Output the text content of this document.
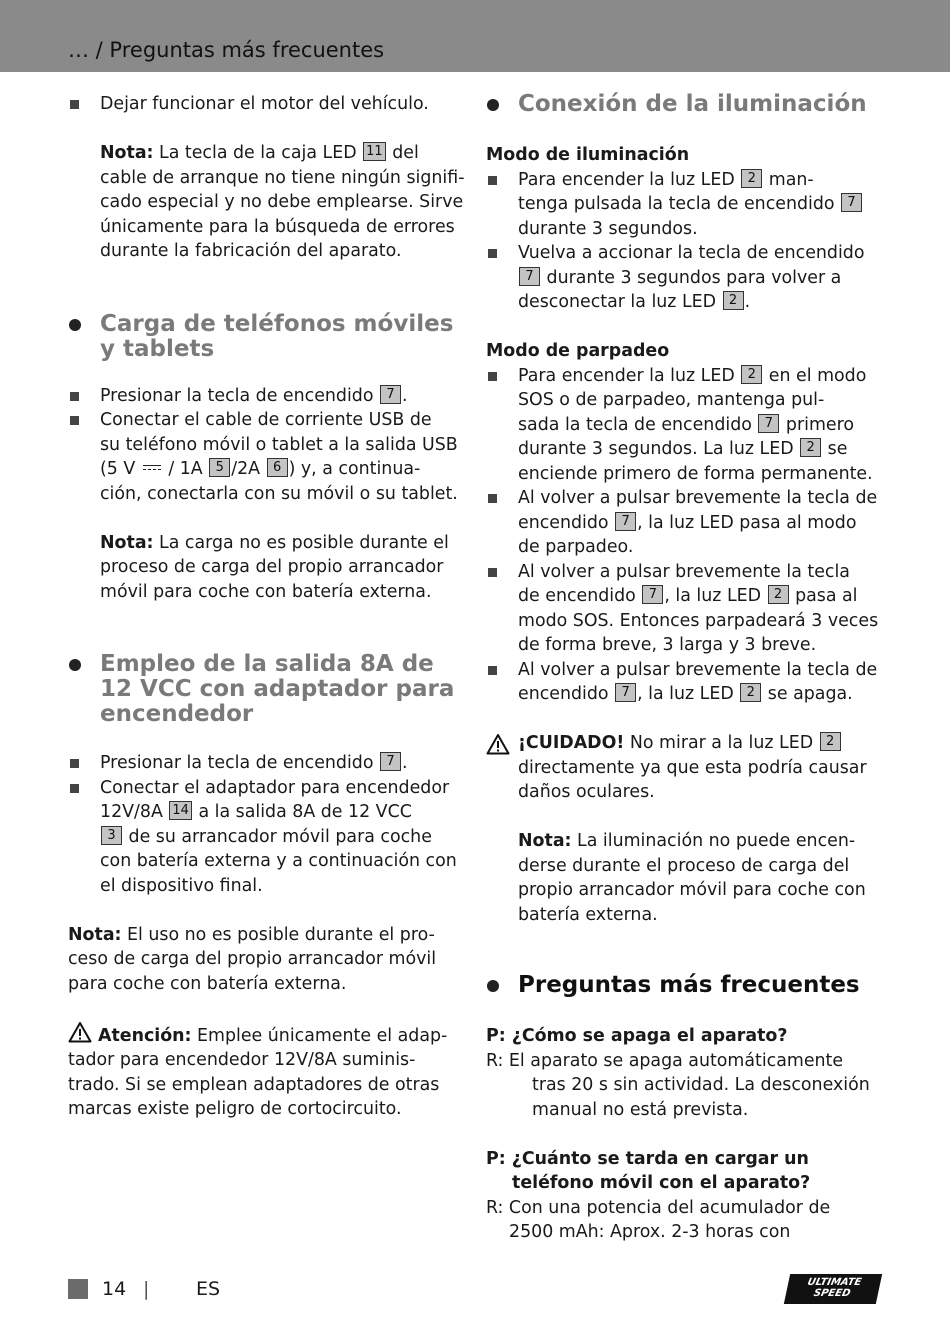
… / Preguntas más frecuentes
Dejar funcionar el motor del vehículo.
Nota: La tecla de la caja LED 11 del
cable de arranque no tiene ningún signifi-
cado especial y no debe emplearse. Sirve
únicamente para la búsqueda de errores
durante la fabricación del aparato.
Carga de teléfonos móviles
y tablets
Presionar la tecla de encendido 7 .
Conectar el cable de corriente USB de
su teléfono móvil o tablet a la salida USB
(5 V  / 1A 5 /2A 6 ) y, a continua-
ción, conectarla con su móvil o su tablet.
Nota: La carga no es posible durante el
proceso de carga del propio arrancador
móvil para coche con batería externa.
Empleo de la salida 8A de
12 VCC con adaptador para
encendedor
Presionar la tecla de encendido 7 .
Conectar el adaptador para encendedor
12V/8A 14 a la salida 8A de 12 VCC
3 de su arrancador móvil para coche
con batería externa y a continuación con
el dispositivo final.
Nota: El uso no es posible durante el pro-
ceso de carga del propio arrancador móvil
para coche con batería externa.
Atención: Emplee únicamente el adap-
tador para encendedor 12V/8A suminis-
trado. Si se emplean adaptadores de otras
marcas existe peligro de cortocircuito.
Conexión de la iluminación
Modo de iluminación
Para encender la luz LED 2 man-
tenga pulsada la tecla de encendido 7
durante 3 segundos.
Vuelva a accionar la tecla de encendido
7 durante 3 segundos para volver a
desconectar la luz LED 2 .
Modo de parpadeo
Para encender la luz LED 2 en el modo
SOS o de parpadeo, mantenga pul-
sada la tecla de encendido 7 primero
durante 3 segundos. La luz LED 2 se
enciende primero de forma permanente.
Al volver a pulsar brevemente la tecla de
encendido 7 , la luz LED pasa al modo
de parpadeo.
Al volver a pulsar brevemente la tecla
de encendido 7 , la luz LED 2 pasa al
modo SOS. Entonces parpadeará 3 veces
de forma breve, 3 larga y 3 breve.
Al volver a pulsar brevemente la tecla de
encendido 7 , la luz LED 2 se apaga.
¡CUIDADO! No mirar a la luz LED 2
directamente ya que esta podría causar
daños oculares.
Nota: La iluminación no puede encen-
derse durante el proceso de carga del
propio arrancador móvil para coche con
batería externa.
Preguntas más frecuentes
P: ¿Cómo se apaga el aparato?
R: El aparato se apaga automáticamente
tras 20 s sin actividad. La desconexión
manual no está prevista.
P: ¿Cuánto se tarda en cargar un
teléfono móvil con el aparato?
R: Con una potencia del acumulador de
2500 mAh: Aprox. 2-3 horas con
14 | ES	ULTIMATE
SPEED
